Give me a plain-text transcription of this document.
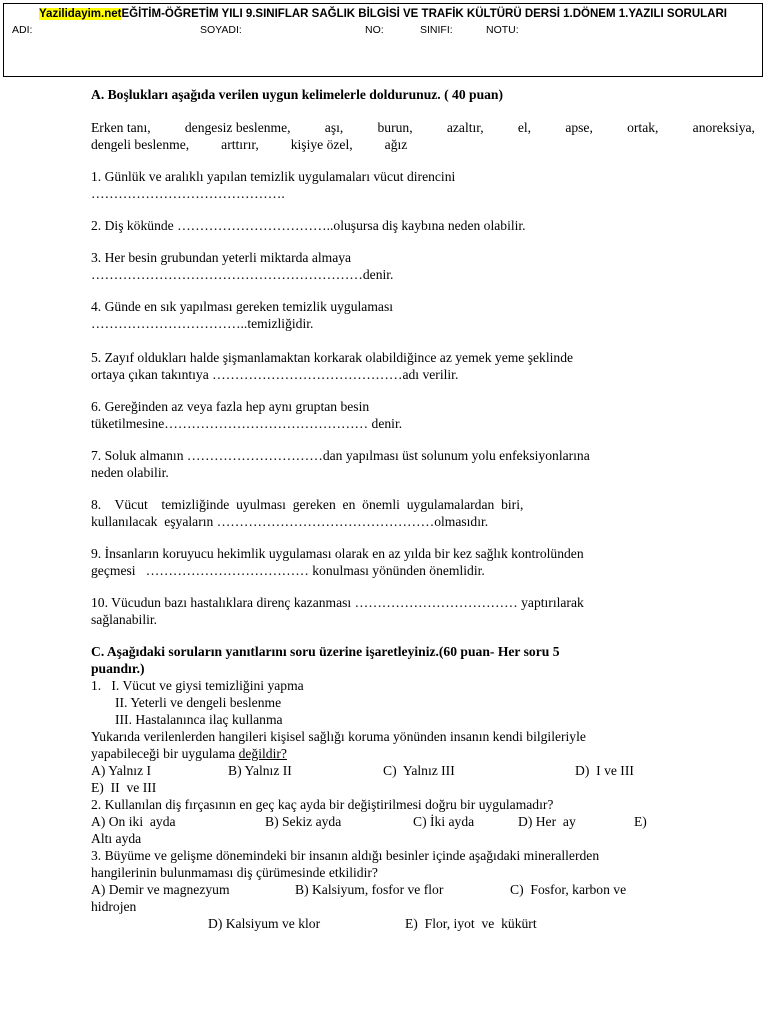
Yazilidayim.netEĞİTİM-ÖĞRETİM YILI 9.SINIFLAR SAĞLIK BİLGİSİ VE TRAFİK KÜLTÜRÜ DERSİ 1.DÖNEM 1.YAZILI SORULARI
ADI:	SOYADI:	NO:	SINIFI:	NOTU:

A. Boşlukları aşağıda verilen uygun kelimelerle doldurunuz. ( 40 puan)

Erken tanı,	dengesiz beslenme,	aşı,	burun,	azaltır,	el,	apse,	ortak,	anoreksiya,
dengeli beslenme, arttırır, kişiye özel, ağız

1. Günlük ve aralıklı yapılan temizlik uygulamaları vücut direncini

…………………………………….

2. Diş kökünde ……………………………..oluşursa diş kaybına neden olabilir.

3. Her besin grubundan yeterli miktarda almaya

……………………………………………………denir.

4. Günde en sık yapılması gereken temizlik uygulaması

……………………………..temizliğidir.

5. Zayıf oldukları halde şişmanlamaktan korkarak olabildiğince az yemek yeme şeklinde

ortaya çıkan takıntıya ……………………………………adı verilir.

6. Gereğinden az veya fazla hep aynı gruptan besin

tüketilmesine……………………………………… denir.

7. Soluk almanın …………………………dan yapılması üst solunum yolu enfeksiyonlarına

neden olabilir.

8.    Vücut    temizliğinde  uyulması  gereken  en  önemli  uygulamalardan  biri,

kullanılacak  eşyaların …………………………………………olmasıdır.

9. İnsanların koruyucu hekimlik uygulaması olarak en az yılda bir kez sağlık kontrolünden

geçmesi   ……………………………… konulması yönünden önemlidir.

10. Vücudun bazı hastalıklara direnç kazanması ……………………………… yaptırılarak

sağlanabilir.

C. Aşağıdaki soruların yanıtlarını soru üzerine işaretleyiniz.(60 puan- Her soru 5

puandır.)

1.   I. Vücut ve giysi temizliğini yapma

II. Yeterli ve dengeli beslenme

III. Hastalanınca ilaç kullanma

Yukarıda verilenlerden hangileri kişisel sağlığı koruma yönünden insanın kendi bilgileriyle

yapabileceği bir uygulama değildir?

A) Yalnız I	B) Yalnız II	C)  Yalnız III	D)  I ve III

E)  II  ve III

2. Kullanılan diş fırçasının en geç kaç ayda bir değiştirilmesi doğru bir uygulamadır?

A) On iki  ayda	B) Sekiz ayda	C) İki ayda	D) Her  ay	E)

Altı ayda

3. Büyüme ve gelişme dönemindeki bir insanın aldığı besinler içinde aşağıdaki minerallerden

hangilerinin bulunmaması diş çürümesinde etkilidir?

A) Demir ve magnezyum	B) Kalsiyum, fosfor ve flor	C)  Fosfor, karbon ve

hidrojen

D) Kalsiyum ve klor	E)  Flor, iyot  ve  kükürt
